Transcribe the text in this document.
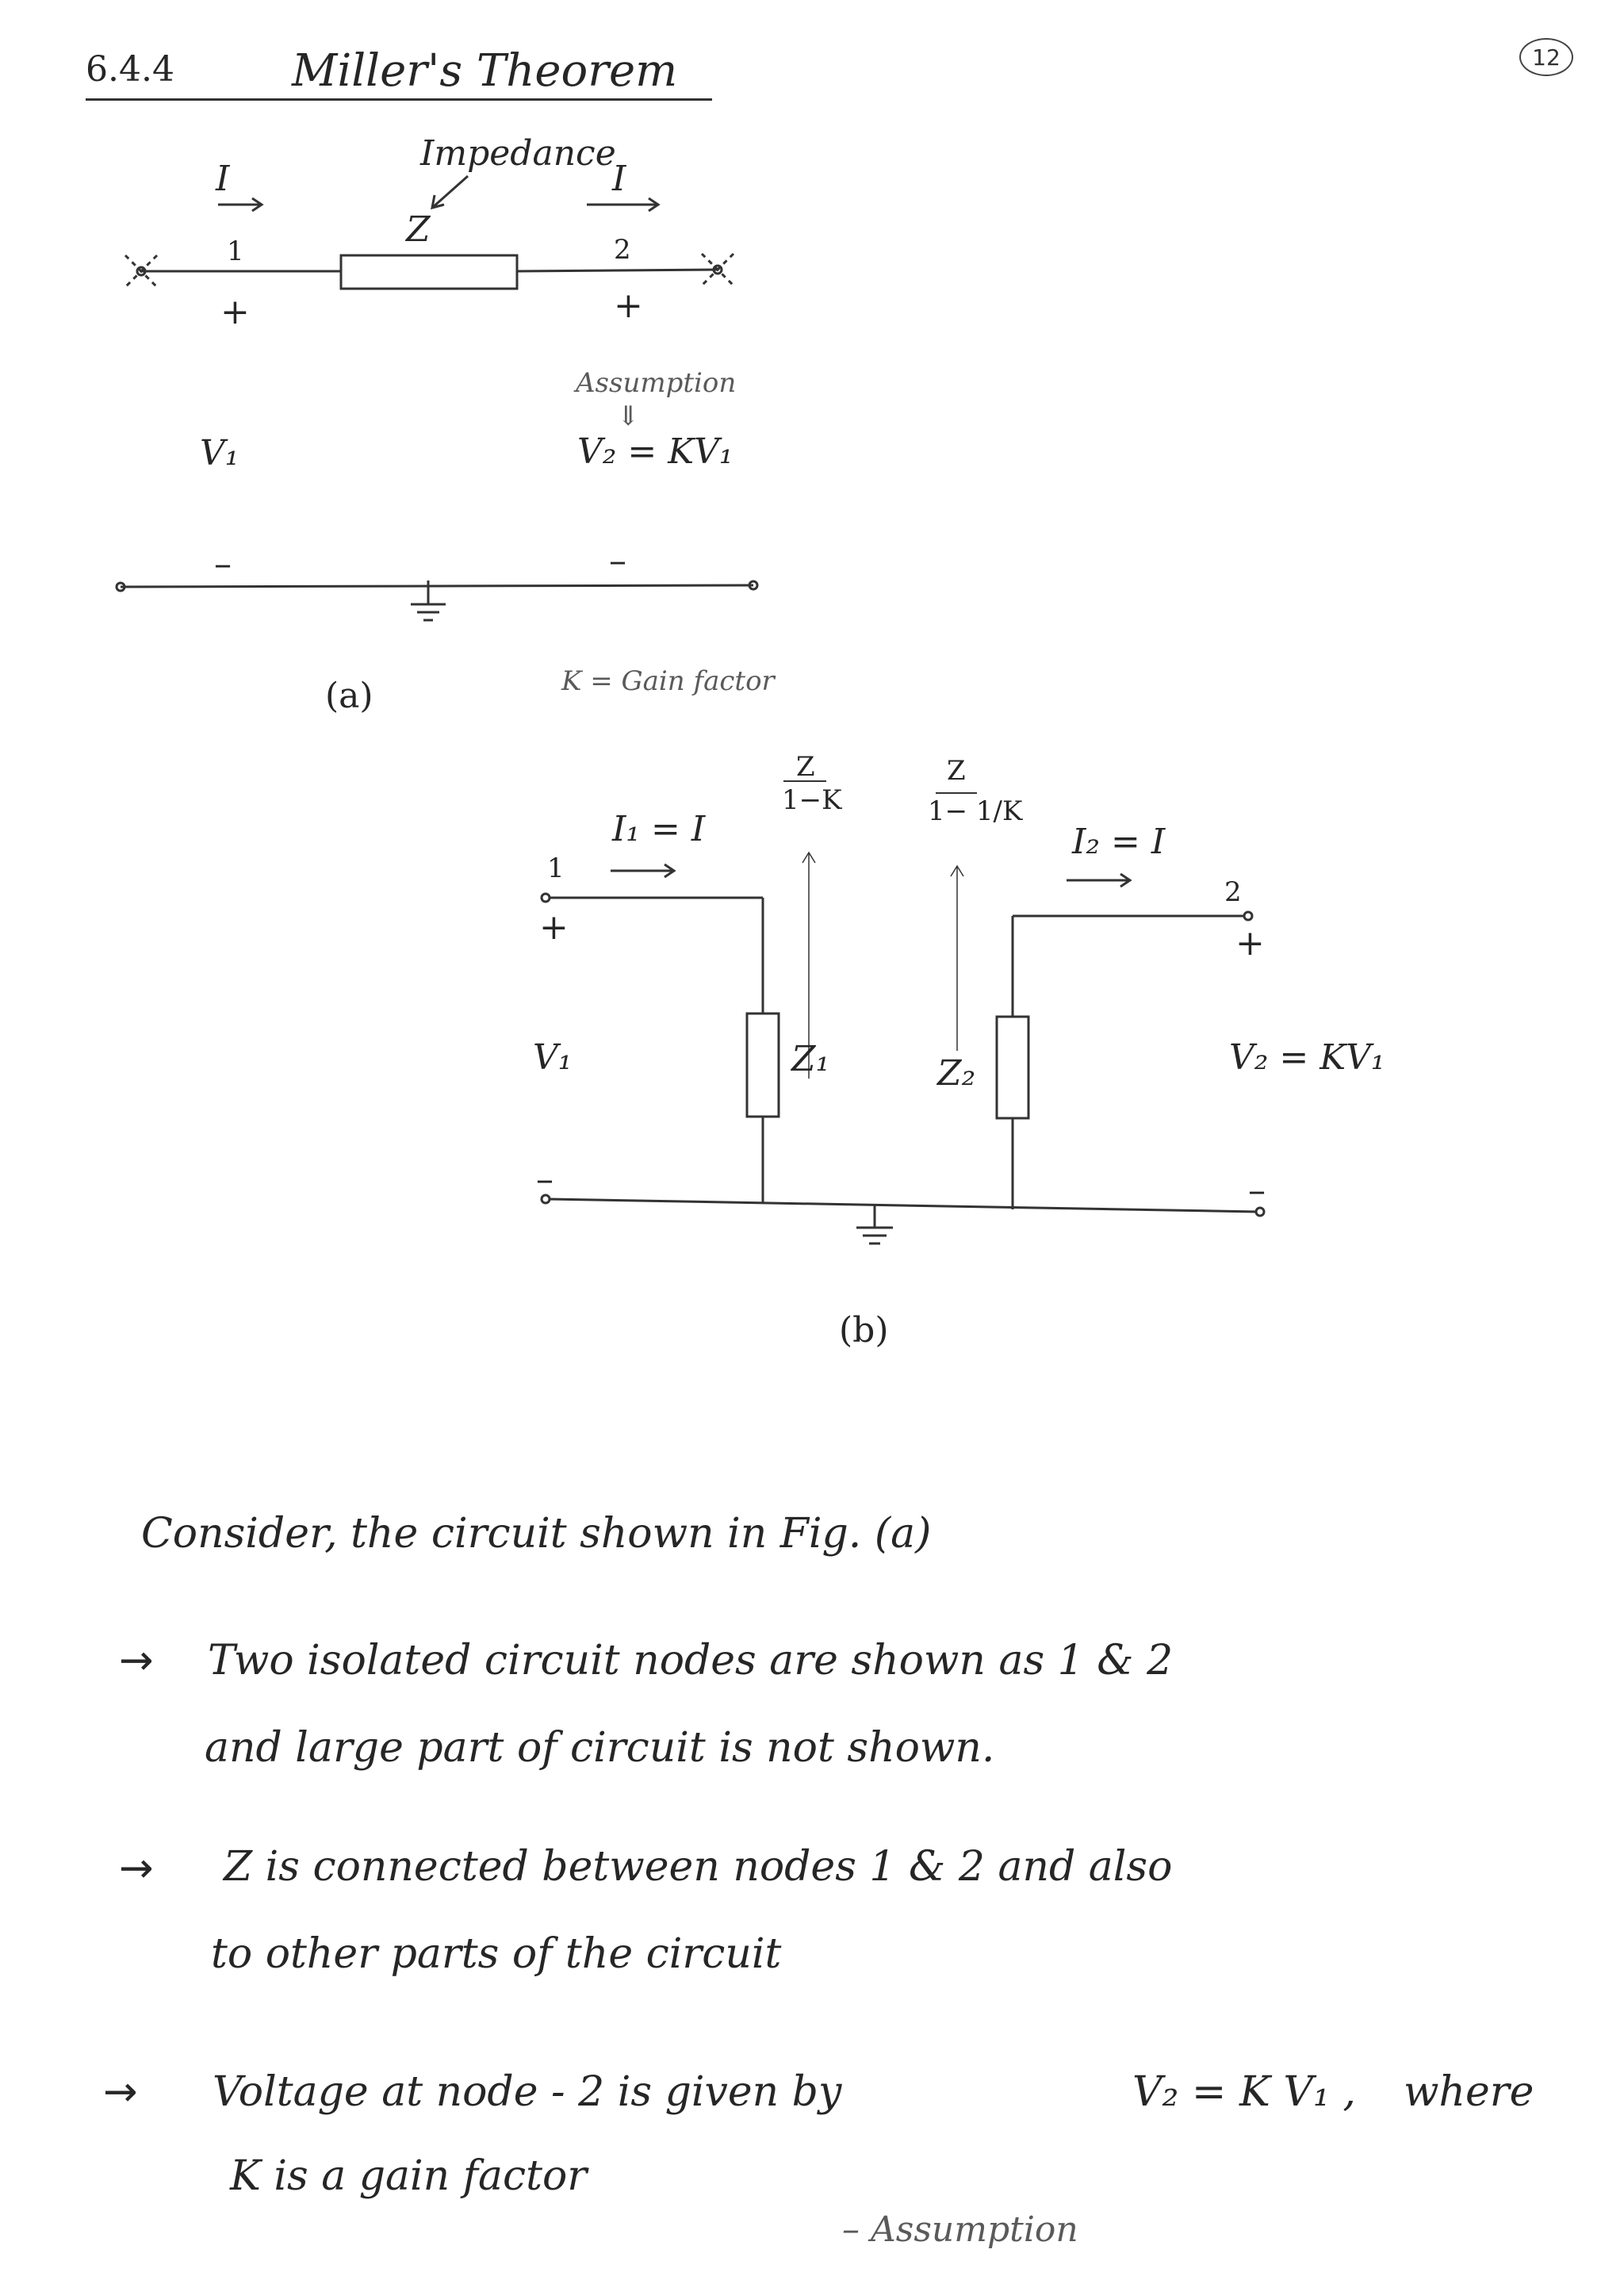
6.4.4	Miller's Theorem	12
Impedance
Z
I	I
1	2
+	+
Assumption
⇓
V₁	V₂ = KV₁
–	–
K = Gain factor
(a)
Z
1−K
Z
1− 1/K
I₁ = I	I₂ = I
1
2
+	+
V₁	V₂ = KV₁
Z₁	Z₂
–	–
(b)
Consider, the circuit shown in Fig. (a)
→ Two isolated circuit nodes are shown as 1 & 2
and large part of circuit is not shown.
→ Z is connected between nodes 1 & 2 and also
to other parts of the circuit
→ Voltage at node - 2 is given by	V₂ = K V₁ , where
K is a gain factor
– Assumption
